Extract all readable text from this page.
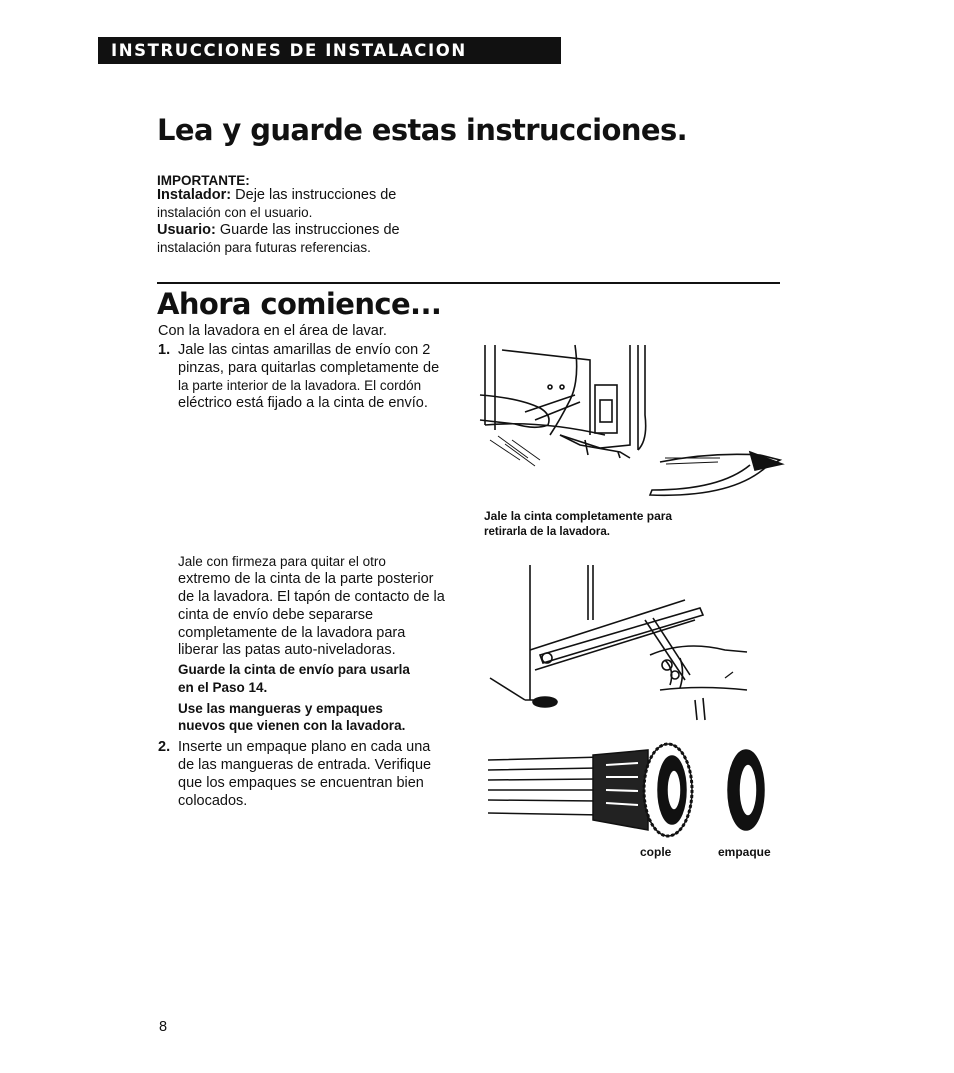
INSTRUCCIONES DE INSTALACION
Lea y guarde estas instrucciones.
IMPORTANTE:
Instalador: Deje las instrucciones de
instalación con el usuario.
Usuario: Guarde las instrucciones de
instalación para futuras referencias.
Ahora comience...
Con la lavadora en el área de lavar.
1. Jale las cintas amarillas de envío con 2
pinzas, para quitarlas completamente de
la parte interior de la lavadora. El cordón
eléctrico está fijado a la cinta de envío.
Jale la cinta completamente para
retirarla de la lavadora.
Jale con firmeza para quitar el otro
extremo de la cinta de la parte posterior
de la lavadora. El tapón de contacto de la
cinta de envío debe separarse
completamente de la lavadora para
liberar las patas auto-niveladoras.
Guarde la cinta de envío para usarla
en el Paso 14.
Use las mangueras y empaques
nuevos que vienen con la lavadora.
2. Inserte un empaque plano en cada una
de las mangueras de entrada. Verifique
que los empaques se encuentran bien
colocados.
cople	empaque
8
